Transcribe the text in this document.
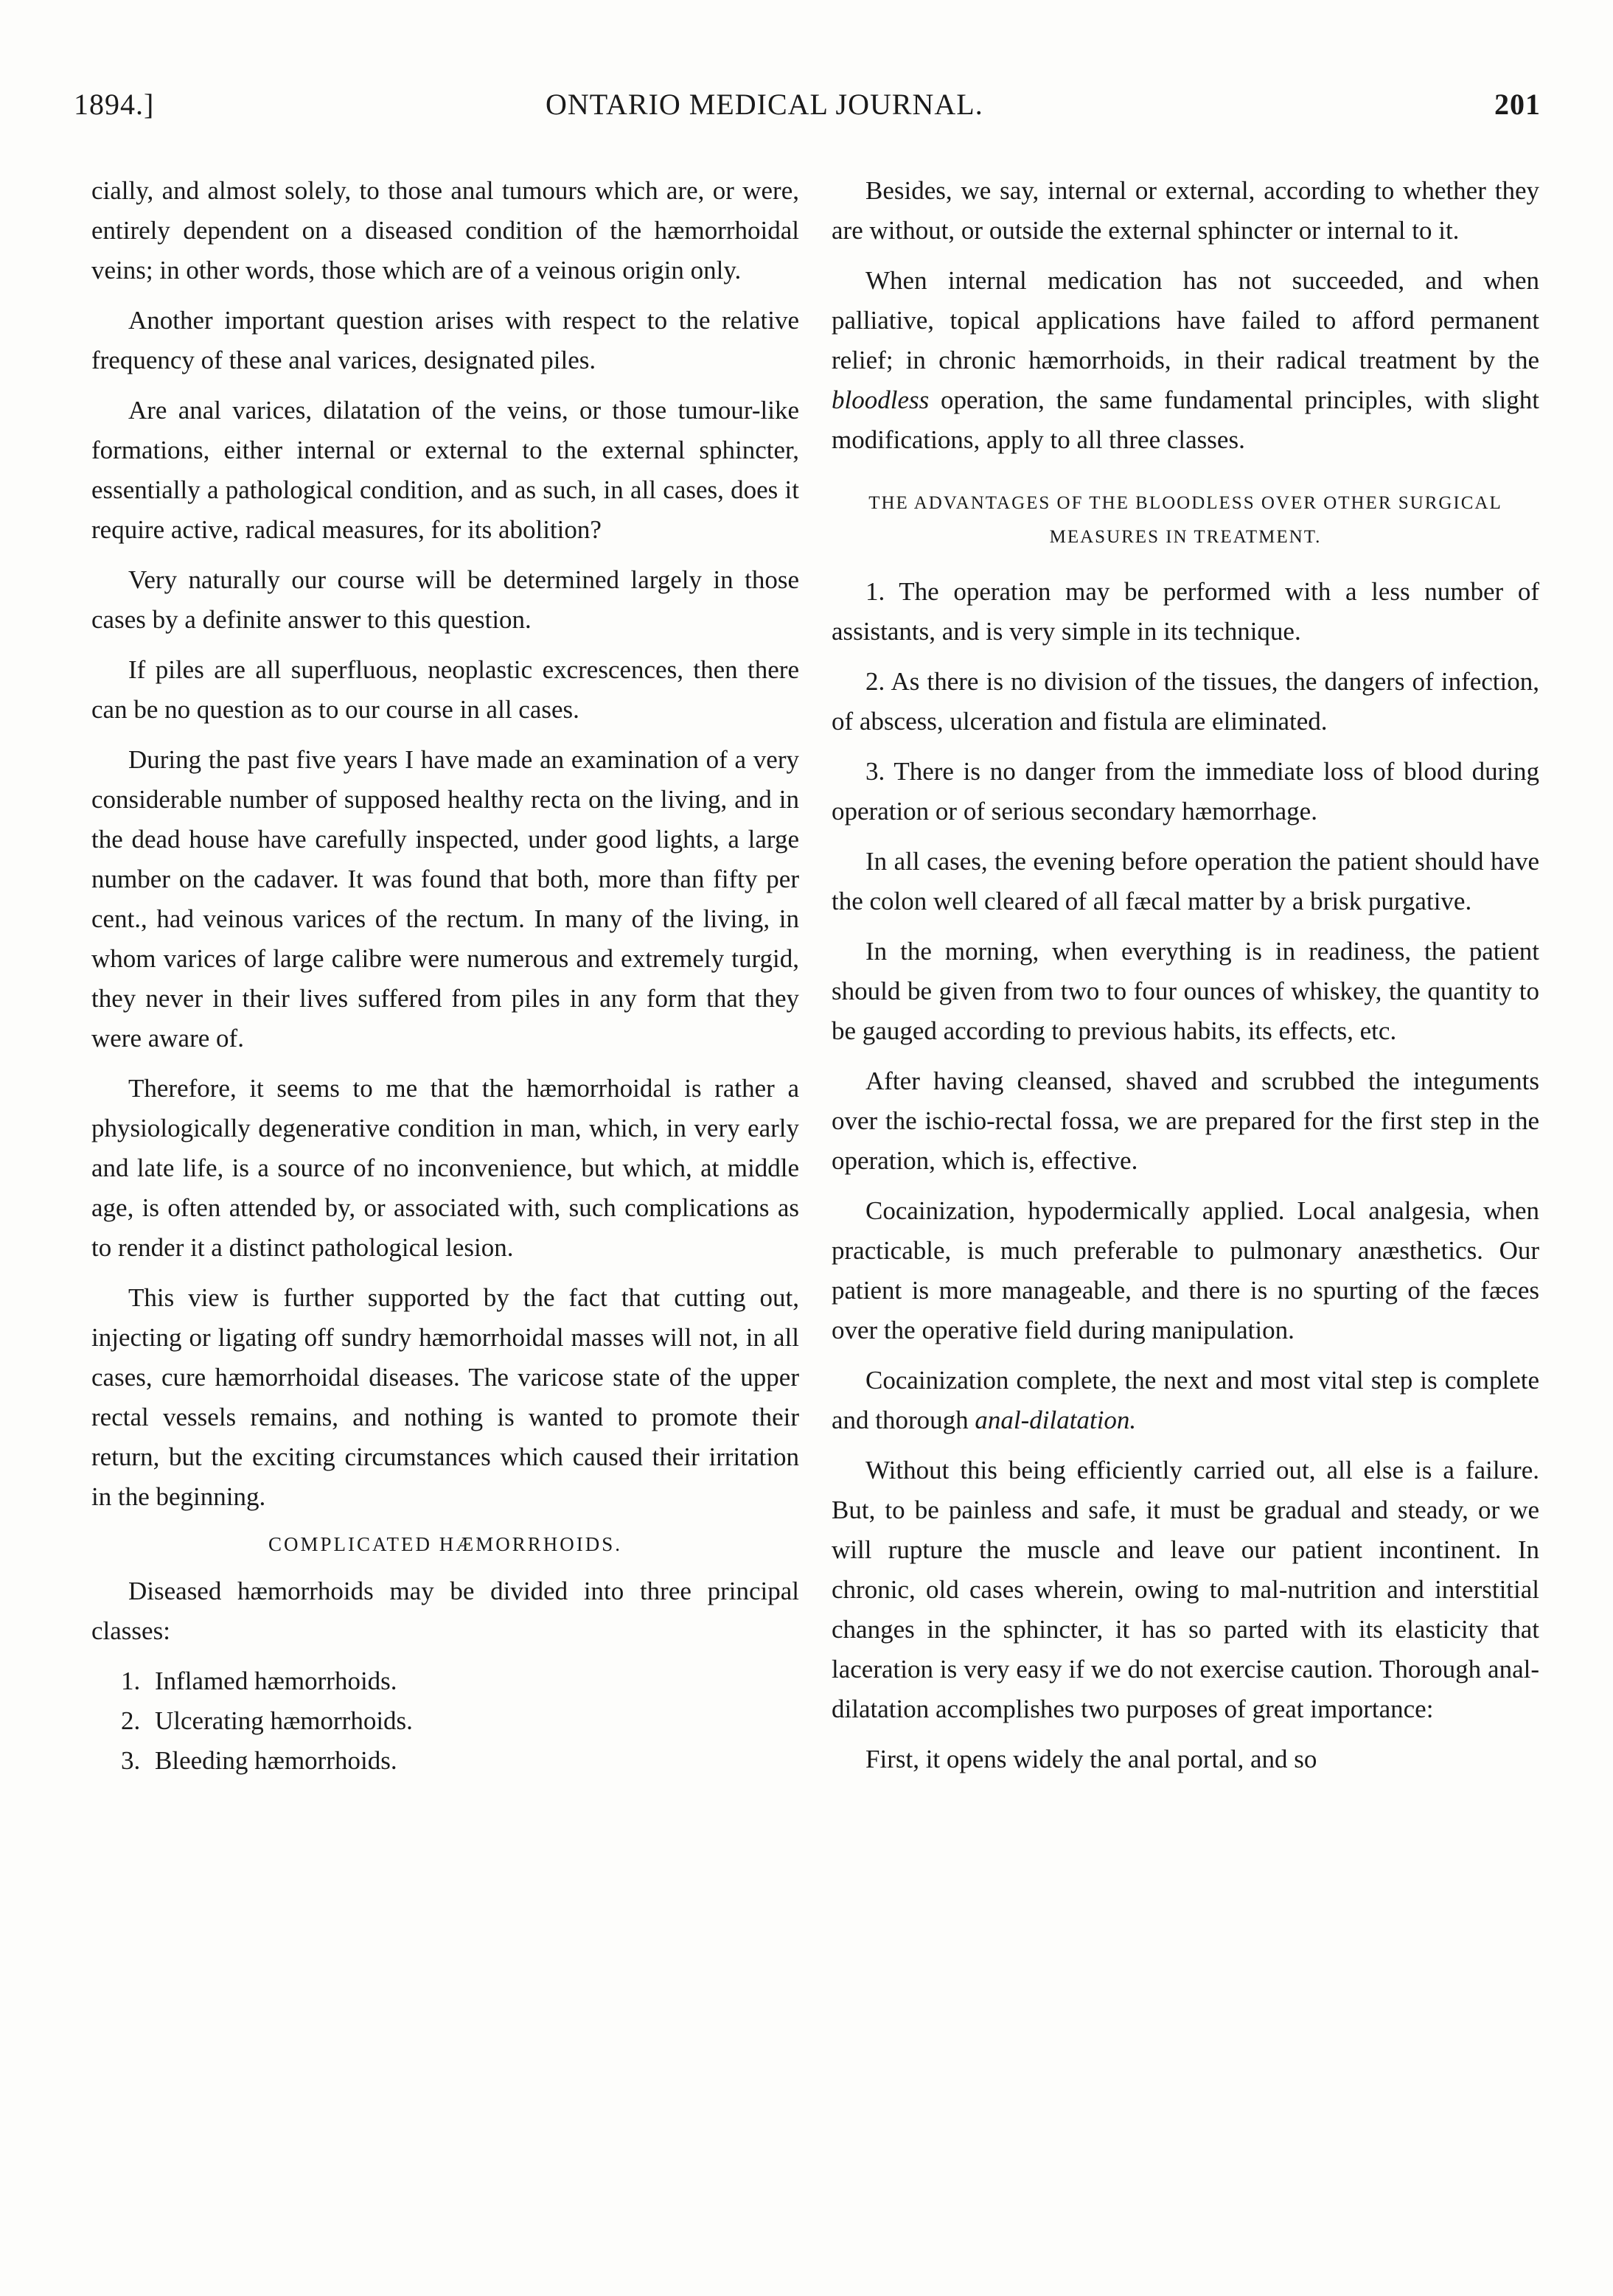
1894.]	ONTARIO MEDICAL JOURNAL.	201

cially, and almost solely, to those anal tumours which are, or were, entirely dependent on a diseased condition of the hæmorrhoidal veins; in other words, those which are of a veinous origin only.

Another important question arises with respect to the relative frequency of these anal varices, designated piles.

Are anal varices, dilatation of the veins, or those tumour-like formations, either internal or external to the external sphincter, essentially a pathological condition, and as such, in all cases, does it require active, radical measures, for its abolition?

Very naturally our course will be determined largely in those cases by a definite answer to this question.

If piles are all superfluous, neoplastic excrescences, then there can be no question as to our course in all cases.

During the past five years I have made an examination of a very considerable number of supposed healthy recta on the living, and in the dead house have carefully inspected, under good lights, a large number on the cadaver. It was found that both, more than fifty per cent., had veinous varices of the rectum. In many of the living, in whom varices of large calibre were numerous and extremely turgid, they never in their lives suffered from piles in any form that they were aware of.

Therefore, it seems to me that the hæmorrhoidal is rather a physiologically degenerative condition in man, which, in very early and late life, is a source of no inconvenience, but which, at middle age, is often attended by, or associated with, such complications as to render it a distinct pathological lesion.

This view is further supported by the fact that cutting out, injecting or ligating off sundry hæmorrhoidal masses will not, in all cases, cure hæmorrhoidal diseases. The varicose state of the upper rectal vessels remains, and nothing is wanted to promote their return, but the exciting circumstances which caused their irritation in the beginning.

COMPLICATED HÆMORRHOIDS.

Diseased hæmorrhoids may be divided into three principal classes:

1. Inflamed hæmorrhoids.
2. Ulcerating hæmorrhoids.
3. Bleeding hæmorrhoids.

Besides, we say, internal or external, according to whether they are without, or outside the external sphincter or internal to it.

When internal medication has not succeeded, and when palliative, topical applications have failed to afford permanent relief; in chronic hæmorrhoids, in their radical treatment by the bloodless operation, the same fundamental principles, with slight modifications, apply to all three classes.

THE ADVANTAGES OF THE BLOODLESS OVER OTHER SURGICAL MEASURES IN TREATMENT.

1. The operation may be performed with a less number of assistants, and is very simple in its technique.

2. As there is no division of the tissues, the dangers of infection, of abscess, ulceration and fistula are eliminated.

3. There is no danger from the immediate loss of blood during operation or of serious secondary hæmorrhage.

In all cases, the evening before operation the patient should have the colon well cleared of all fæcal matter by a brisk purgative.

In the morning, when everything is in readiness, the patient should be given from two to four ounces of whiskey, the quantity to be gauged according to previous habits, its effects, etc.

After having cleansed, shaved and scrubbed the integuments over the ischio-rectal fossa, we are prepared for the first step in the operation, which is, effective.

Cocainization, hypodermically applied. Local analgesia, when practicable, is much preferable to pulmonary anæsthetics. Our patient is more manageable, and there is no spurting of the fæces over the operative field during manipulation.

Cocainization complete, the next and most vital step is complete and thorough anal-dilatation.

Without this being efficiently carried out, all else is a failure. But, to be painless and safe, it must be gradual and steady, or we will rupture the muscle and leave our patient incontinent. In chronic, old cases wherein, owing to mal-nutrition and interstitial changes in the sphincter, it has so parted with its elasticity that laceration is very easy if we do not exercise caution. Thorough anal-dilatation accomplishes two purposes of great importance:

First, it opens widely the anal portal, and so
